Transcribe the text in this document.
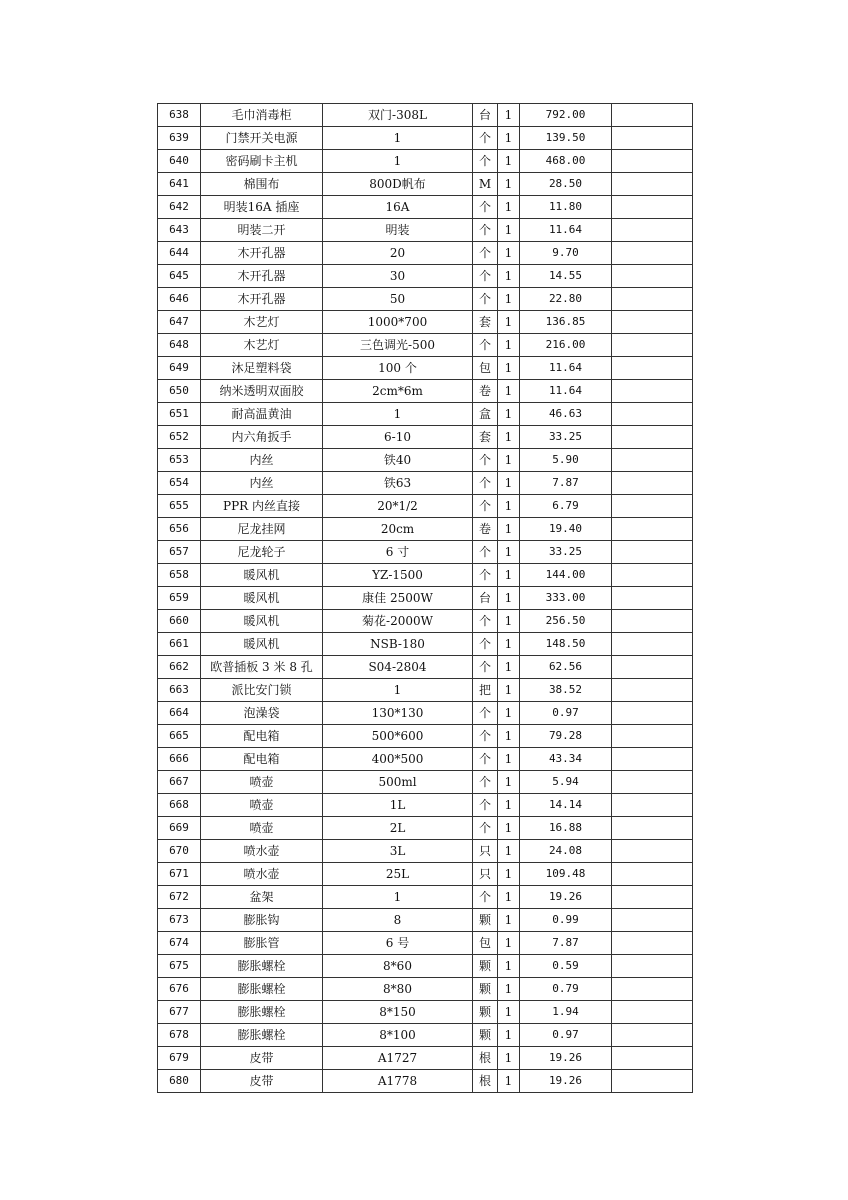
638	毛巾消毒柜	双门-308L	台	1	792.00	
639	门禁开关电源	1	个	1	139.50	
640	密码刷卡主机	1	个	1	468.00	
641	棉围布	800D帆布	M	1	28.50	
642	明装16A 插座	16A	个	1	11.80	
643	明装二开	明装	个	1	11.64	
644	木开孔器	20	个	1	9.70	
645	木开孔器	30	个	1	14.55	
646	木开孔器	50	个	1	22.80	
647	木艺灯	1000*700	套	1	136.85	
648	木艺灯	三色调光-500	个	1	216.00	
649	沐足塑料袋	100 个	包	1	11.64	
650	纳米透明双面胶	2cm*6m	卷	1	11.64	
651	耐高温黄油	1	盒	1	46.63	
652	内六角扳手	6-10	套	1	33.25	
653	内丝	铁40	个	1	5.90	
654	内丝	铁63	个	1	7.87	
655	PPR 内丝直接	20*1/2	个	1	6.79	
656	尼龙挂网	20cm	卷	1	19.40	
657	尼龙轮子	6 寸	个	1	33.25	
658	暖风机	YZ-1500	个	1	144.00	
659	暖风机	康佳 2500W	台	1	333.00	
660	暖风机	菊花-2000W	个	1	256.50	
661	暖风机	NSB-180	个	1	148.50	
662	欧普插板 3 米 8 孔	S04-2804	个	1	62.56	
663	派比安门锁	1	把	1	38.52	
664	泡澡袋	130*130	个	1	0.97	
665	配电箱	500*600	个	1	79.28	
666	配电箱	400*500	个	1	43.34	
667	喷壶	500ml	个	1	5.94	
668	喷壶	1L	个	1	14.14	
669	喷壶	2L	个	1	16.88	
670	喷水壶	3L	只	1	24.08	
671	喷水壶	25L	只	1	109.48	
672	盆架	1	个	1	19.26	
673	膨胀钩	8	颗	1	0.99	
674	膨胀管	6 号	包	1	7.87	
675	膨胀螺栓	8*60	颗	1	0.59	
676	膨胀螺栓	8*80	颗	1	0.79	
677	膨胀螺栓	8*150	颗	1	1.94	
678	膨胀螺栓	8*100	颗	1	0.97	
679	皮带	A1727	根	1	19.26	
680	皮带	A1778	根	1	19.26	
